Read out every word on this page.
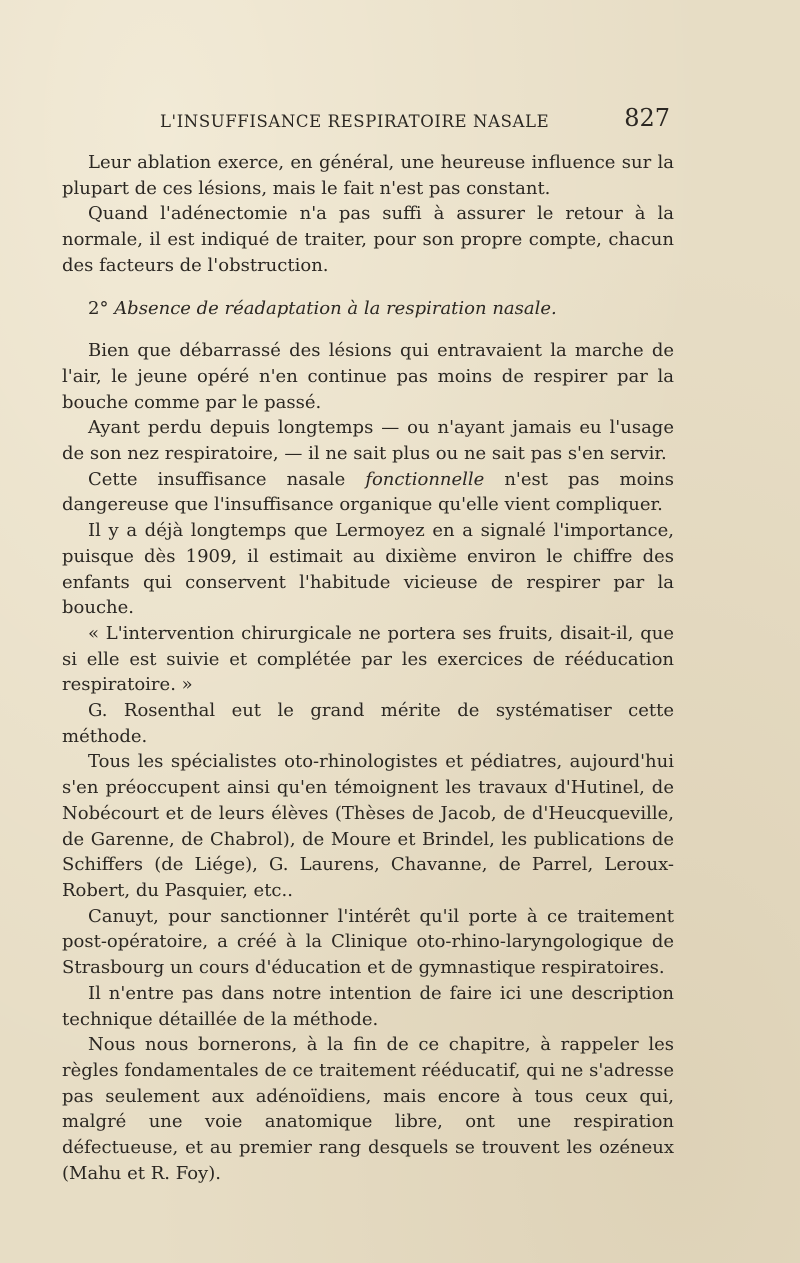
L'INSUFFISANCE RESPIRATOIRE NASALE	827

Leur ablation exerce, en général, une heureuse influence sur la plupart de ces lésions, mais le fait n'est pas constant.

Quand l'adénectomie n'a pas suffi à assurer le retour à la normale, il est indiqué de traiter, pour son propre compte, chacun des facteurs de l'obstruction.

2° Absence de réadaptation à la respiration nasale.

Bien que débarrassé des lésions qui entravaient la marche de l'air, le jeune opéré n'en continue pas moins de respirer par la bouche comme par le passé.

Ayant perdu depuis longtemps — ou n'ayant jamais eu l'usage de son nez respiratoire, — il ne sait plus ou ne sait pas s'en servir.

Cette insuffisance nasale fonctionnelle n'est pas moins dangereuse que l'insuffisance organique qu'elle vient compliquer.

Il y a déjà longtemps que Lermoyez en a signalé l'importance, puisque dès 1909, il estimait au dixième environ le chiffre des enfants qui conservent l'habitude vicieuse de respirer par la bouche.

« L'intervention chirurgicale ne portera ses fruits, disait-il, que si elle est suivie et complétée par les exercices de rééducation respiratoire. »

G. Rosenthal eut le grand mérite de systématiser cette méthode.

Tous les spécialistes oto-rhinologistes et pédiatres, aujourd'hui s'en préoccupent ainsi qu'en témoignent les travaux d'Hutinel, de Nobécourt et de leurs élèves (Thèses de Jacob, de d'Heucqueville, de Garenne, de Chabrol), de Moure et Brindel, les publications de Schiffers (de Liége), G. Laurens, Chavanne, de Parrel, Leroux-Robert, du Pasquier, etc..

Canuyt, pour sanctionner l'intérêt qu'il porte à ce traitement post-opératoire, a créé à la Clinique oto-rhino-laryngologique de Strasbourg un cours d'éducation et de gymnastique respiratoires.

Il n'entre pas dans notre intention de faire ici une description technique détaillée de la méthode.

Nous nous bornerons, à la fin de ce chapitre, à rappeler les règles fondamentales de ce traitement rééducatif, qui ne s'adresse pas seulement aux adénoïdiens, mais encore à tous ceux qui, malgré une voie anatomique libre, ont une respiration défectueuse, et au premier rang desquels se trouvent les ozéneux (Mahu et R. Foy).
